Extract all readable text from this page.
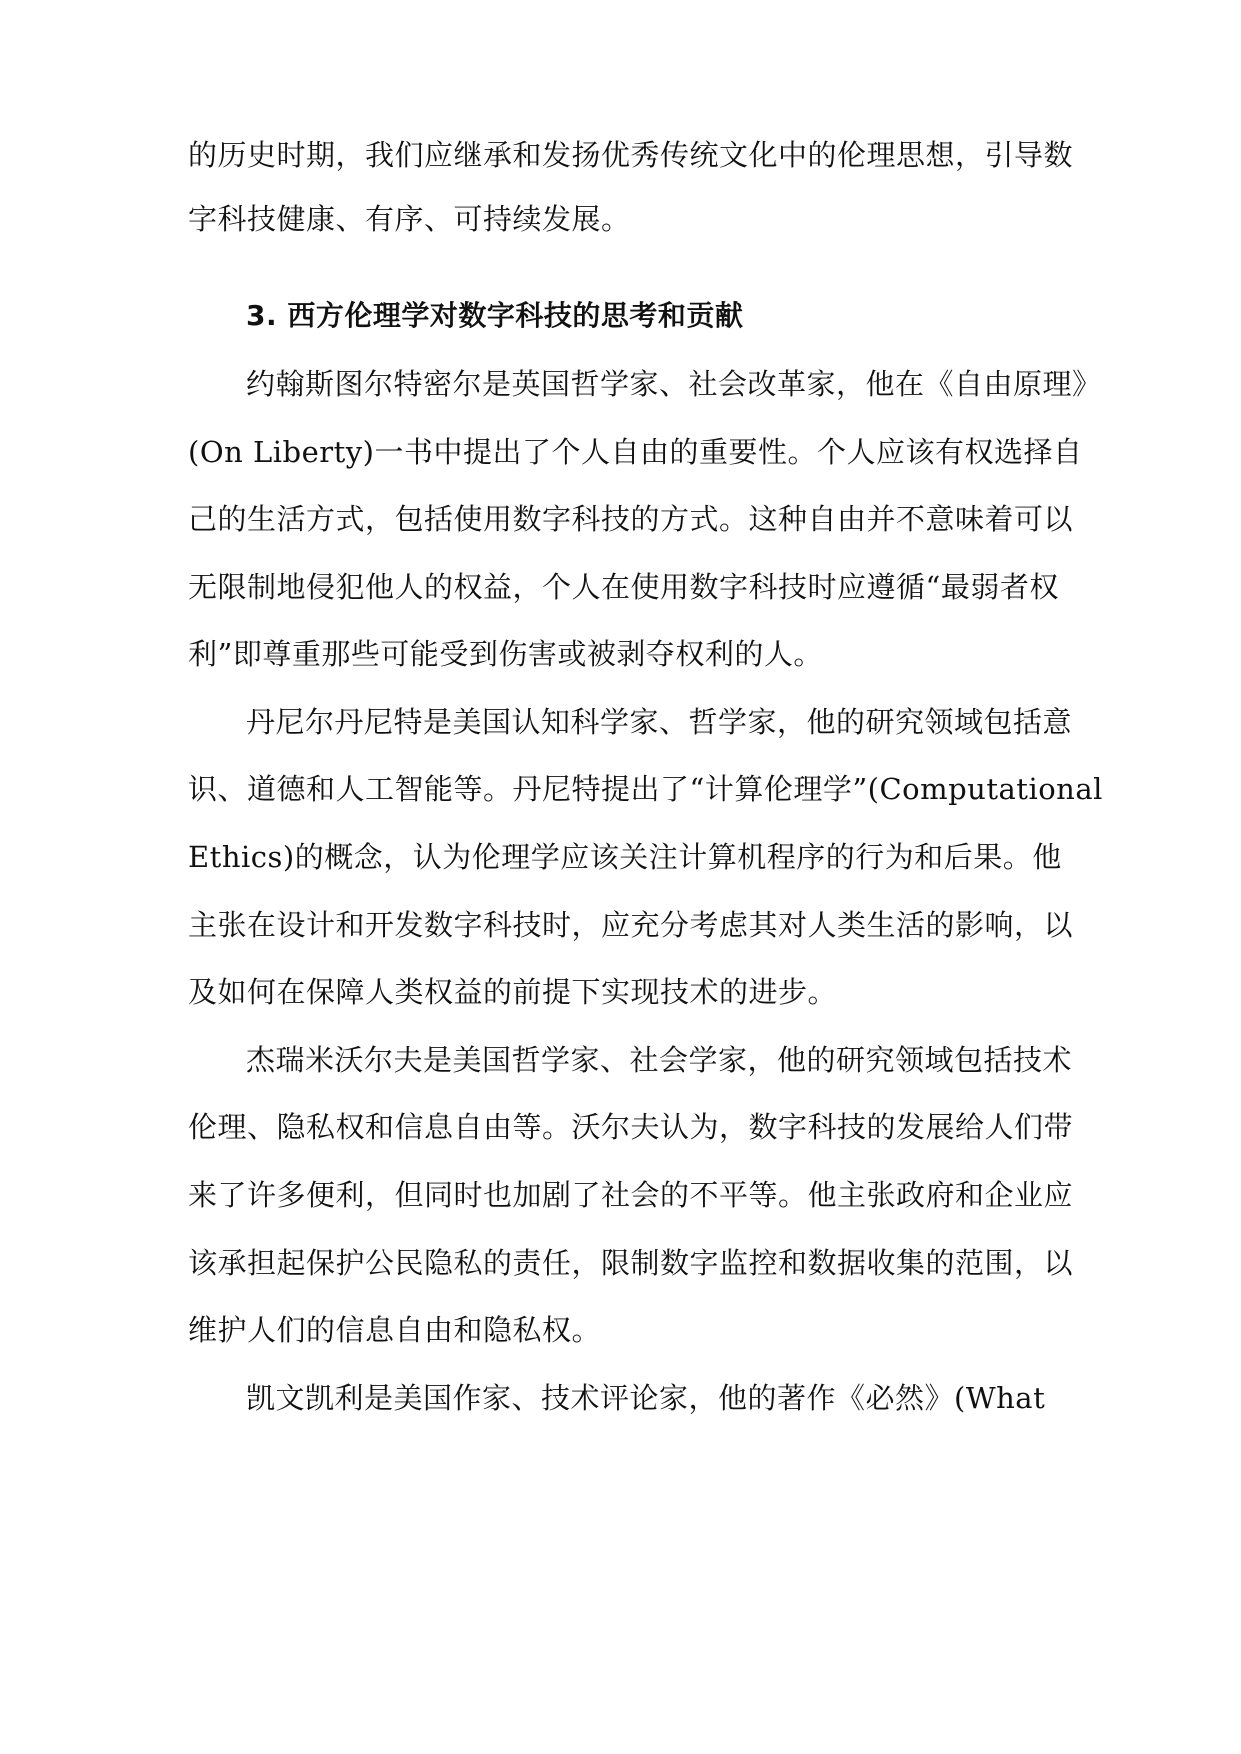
的历史时期，我们应继承和发扬优秀传统文化中的伦理思想，引导数

字科技健康、有序、可持续发展。

3. 西方伦理学对数字科技的思考和贡献

约翰斯图尔特密尔是英国哲学家、社会改革家，他在《自由原理》

(On Liberty)一书中提出了个人自由的重要性。个人应该有权选择自

己的生活方式，包括使用数字科技的方式。这种自由并不意味着可以

无限制地侵犯他人的权益，个人在使用数字科技时应遵循“最弱者权

利”即尊重那些可能受到伤害或被剥夺权利的人。

丹尼尔丹尼特是美国认知科学家、哲学家，他的研究领域包括意

识、道德和人工智能等。丹尼特提出了“计算伦理学”(Computational

Ethics)的概念，认为伦理学应该关注计算机程序的行为和后果。他

主张在设计和开发数字科技时，应充分考虑其对人类生活的影响，以

及如何在保障人类权益的前提下实现技术的进步。

杰瑞米沃尔夫是美国哲学家、社会学家，他的研究领域包括技术

伦理、隐私权和信息自由等。沃尔夫认为，数字科技的发展给人们带

来了许多便利，但同时也加剧了社会的不平等。他主张政府和企业应

该承担起保护公民隐私的责任，限制数字监控和数据收集的范围，以

维护人们的信息自由和隐私权。

凯文凯利是美国作家、技术评论家，他的著作《必然》(What
